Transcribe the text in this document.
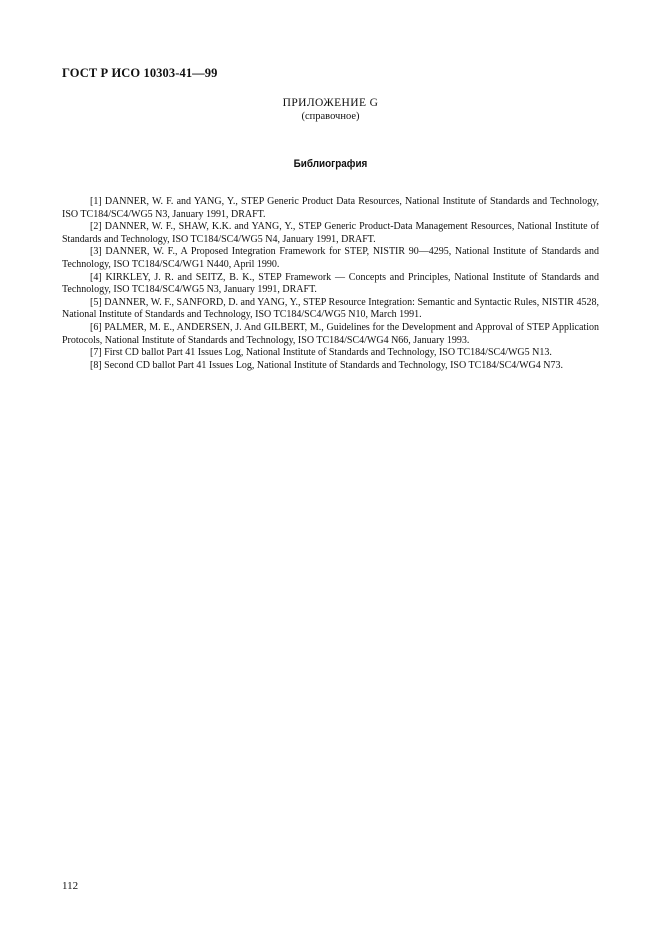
ГОСТ Р ИСО 10303-41—99
ПРИЛОЖЕНИЕ G
(справочное)
Библиография

[1] DANNER, W. F. and YANG, Y., STEP Generic Product Data Resources, National Institute of Standards and Technology, ISO TC184/SC4/WG5 N3, January 1991, DRAFT.

[2] DANNER, W. F., SHAW, K.K. and YANG, Y., STEP Generic Product-Data Management Resources, National Institute of Standards and Technology, ISO TC184/SC4/WG5 N4, January 1991, DRAFT.

[3] DANNER, W. F., A Proposed Integration Framework for STEP, NISTIR 90—4295, National Institute of Standards and Technology, ISO TC184/SC4/WG1 N440, April 1990.

[4] KIRKLEY, J. R. and SEITZ, B. K., STEP Framework — Concepts and Principles, National Institute of Standards and Technology, ISO TC184/SC4/WG5 N3, January 1991, DRAFT.

[5] DANNER, W. F., SANFORD, D. and YANG, Y., STEP Resource Integration: Semantic and Syntactic Rules, NISTIR 4528, National Institute of Standards and Technology, ISO TC184/SC4/WG5 N10, March 1991.

[6] PALMER, M. E., ANDERSEN, J. And GILBERT, M., Guidelines for the Development and Approval of STEP Application Protocols, National Institute of Standards and Technology, ISO TC184/SC4/WG4 N66, January 1993.

[7] First CD ballot Part 41 Issues Log, National Institute of Standards and Technology, ISO TC184/SC4/WG5 N13.

[8] Second CD ballot Part 41 Issues Log, National Institute of Standards and Technology, ISO TC184/SC4/WG4 N73.

112
